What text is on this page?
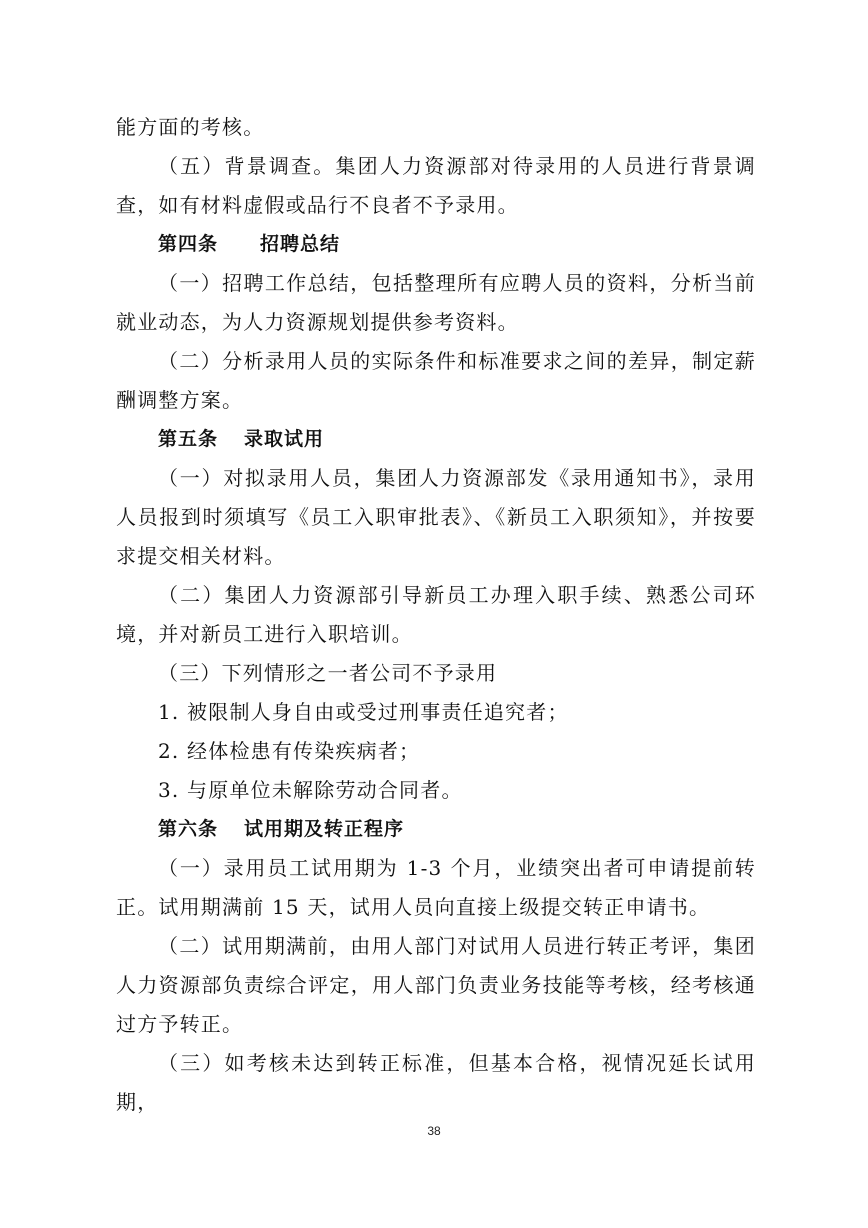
能方面的考核。

（五）背景调查。集团人力资源部对待录用的人员进行背景调查，如有材料虚假或品行不良者不予录用。

第四条 招聘总结

（一）招聘工作总结，包括整理所有应聘人员的资料，分析当前就业动态，为人力资源规划提供参考资料。

（二）分析录用人员的实际条件和标准要求之间的差异，制定薪酬调整方案。

第五条 录取试用

（一）对拟录用人员，集团人力资源部发《录用通知书》，录用人员报到时须填写《员工入职审批表》、《新员工入职须知》，并按要求提交相关材料。

（二）集团人力资源部引导新员工办理入职手续、熟悉公司环境，并对新员工进行入职培训。

（三）下列情形之一者公司不予录用

1. 被限制人身自由或受过刑事责任追究者；

2. 经体检患有传染疾病者；

3. 与原单位未解除劳动合同者。

第六条 试用期及转正程序

（一）录用员工试用期为 1-3 个月，业绩突出者可申请提前转正。试用期满前 15 天，试用人员向直接上级提交转正申请书。

（二）试用期满前，由用人部门对试用人员进行转正考评，集团人力资源部负责综合评定，用人部门负责业务技能等考核，经考核通过方予转正。

（三）如考核未达到转正标准，但基本合格，视情况延长试用期，

38
